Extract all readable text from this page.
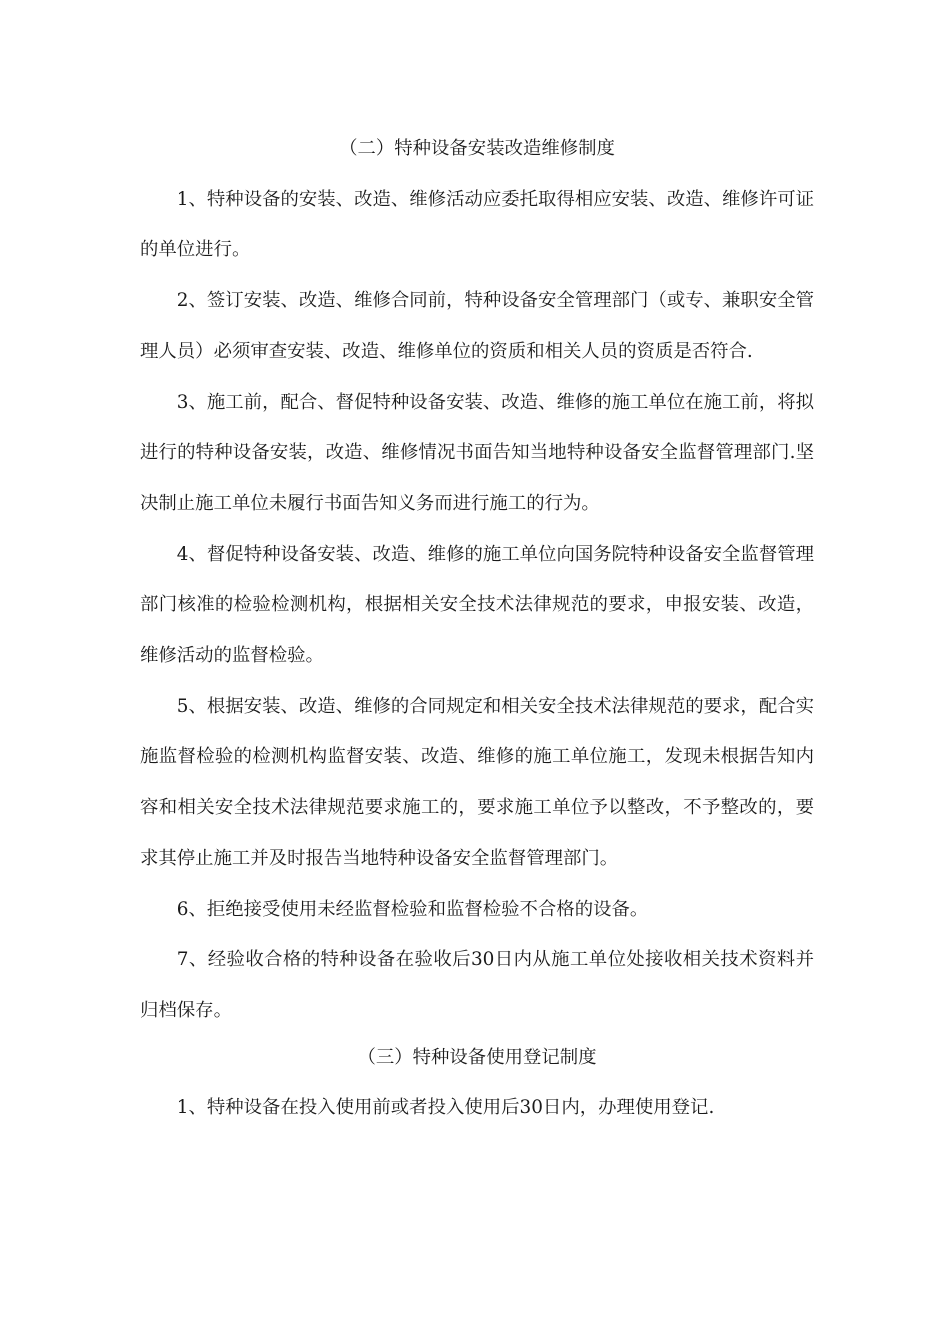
（二）特种设备安装改造维修制度

1、特种设备的安装、改造、维修活动应委托取得相应安装、改造、维修许可证的单位进行。

2、签订安装、改造、维修合同前，特种设备安全管理部门（或专、兼职安全管理人员）必须审查安装、改造、维修单位的资质和相关人员的资质是否符合.

3、施工前，配合、督促特种设备安装、改造、维修的施工单位在施工前，将拟进行的特种设备安装，改造、维修情况书面告知当地特种设备安全监督管理部门.坚决制止施工单位未履行书面告知义务而进行施工的行为。

4、督促特种设备安装、改造、维修的施工单位向国务院特种设备安全监督管理部门核准的检验检测机构，根据相关安全技术法律规范的要求，申报安装、改造，维修活动的监督检验。

5、根据安装、改造、维修的合同规定和相关安全技术法律规范的要求，配合实施监督检验的检测机构监督安装、改造、维修的施工单位施工，发现未根据告知内容和相关安全技术法律规范要求施工的，要求施工单位予以整改，不予整改的，要求其停止施工并及时报告当地特种设备安全监督管理部门。

6、拒绝接受使用未经监督检验和监督检验不合格的设备。

7、经验收合格的特种设备在验收后30日内从施工单位处接收相关技术资料并归档保存。

（三）特种设备使用登记制度

1、特种设备在投入使用前或者投入使用后30日内，办理使用登记.
